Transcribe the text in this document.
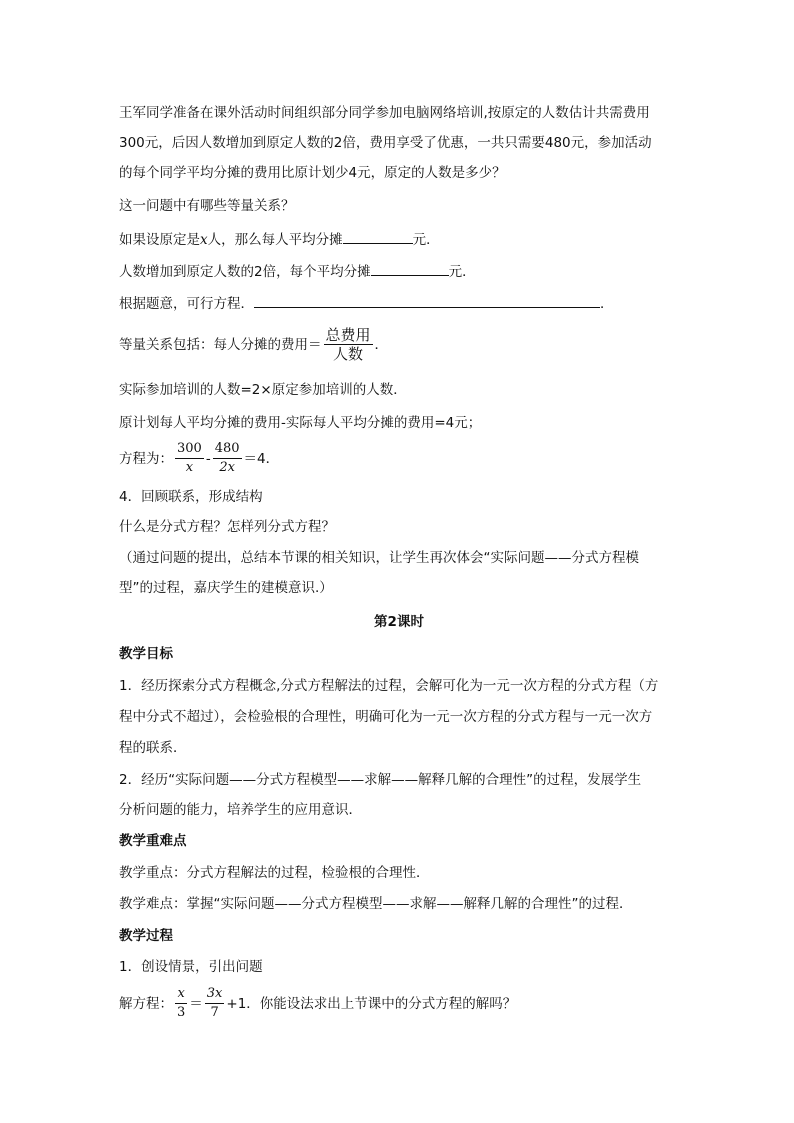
王军同学准备在课外活动时间组织部分同学参加电脑网络培训,按原定的人数估计共需费用
300元，后因人数增加到原定人数的2倍，费用享受了优惠，一共只需要480元，参加活动
的每个同学平均分摊的费用比原计划少4元，原定的人数是多少？
这一问题中有哪些等量关系？
如果设原定是x人，那么每人平均分摊	元．
人数增加到原定人数的2倍，每个平均分摊	元．
根据题意，可行方程．	．
等量关系包括：每人分摊的费用＝ $\frac{\text{总费用}}{\text{人数}}$ ．
实际参加培训的人数=2×原定参加培训的人数．
原计划每人平均分摊的费用-实际每人平均分摊的费用=4元；
方程为： $\frac{300}{x} - \frac{480}{2x} =4$．
4．回顾联系，形成结构
什么是分式方程？怎样列分式方程？
（通过问题的提出，总结本节课的相关知识，让学生再次体会“实际问题——分式方程模
型”的过程，嘉庆学生的建模意识.）
第2课时
教学目标
1．经历探索分式方程概念,分式方程解法的过程，会解可化为一元一次方程的分式方程（方
程中分式不超过），会检验根的合理性，明确可化为一元一次方程的分式方程与一元一次方
程的联系．
2．经历“实际问题——分式方程模型——求解——解释几解的合理性”的过程，发展学生
分析问题的能力，培养学生的应用意识．
教学重难点
教学重点：分式方程解法的过程，检验根的合理性．
教学难点：掌握“实际问题——分式方程模型——求解——解释几解的合理性”的过程．
教学过程
1．创设情景，引出问题
解方程： $\frac{x}{3} = \frac{3x}{7} +1$．你能设法求出上节课中的分式方程的解吗？
